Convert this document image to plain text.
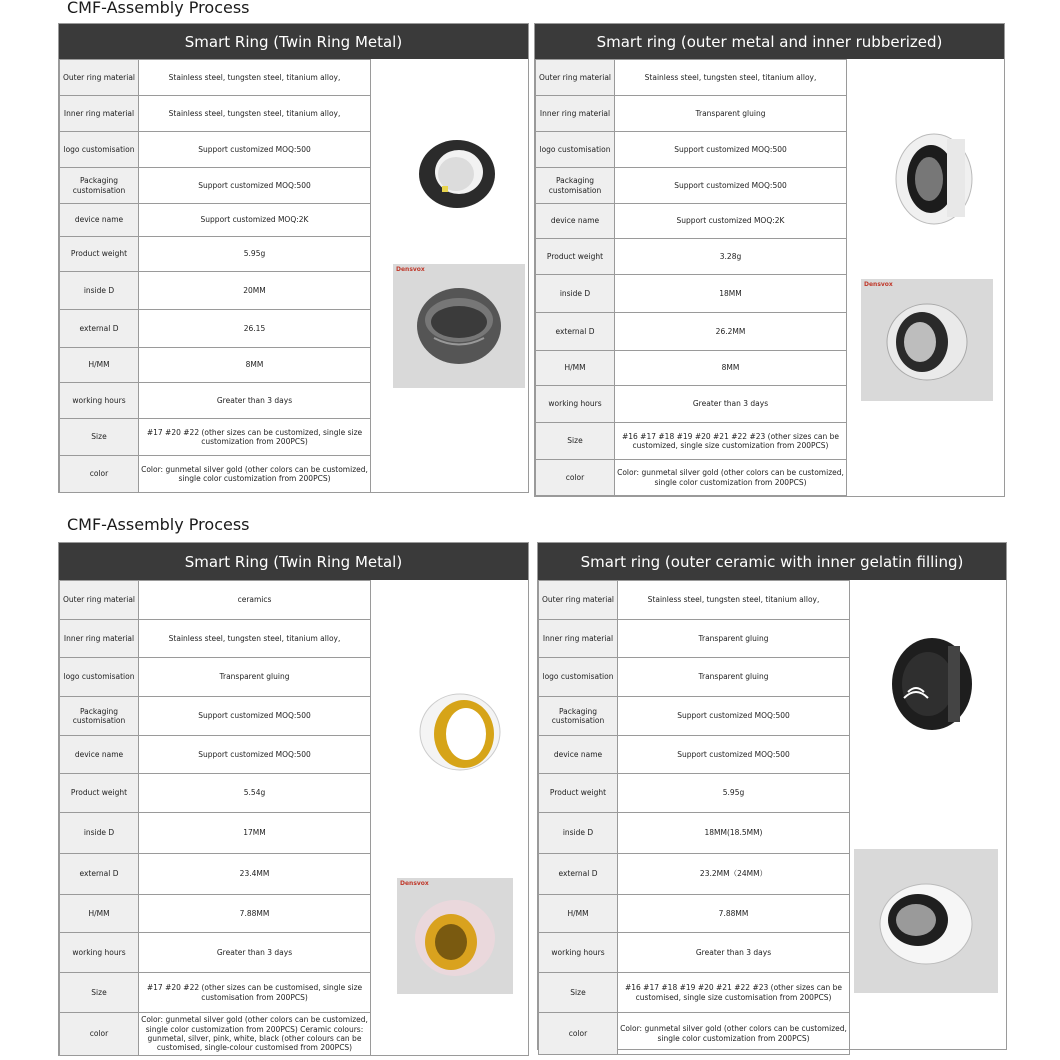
CMF-Assembly Process
CMF-Assembly Process
Smart Ring (Twin Ring Metal)
Outer ring material	Stainless steel, tungsten steel, titanium alloy,
Inner ring material	Stainless steel, tungsten steel, titanium alloy,
logo customisation	Support customized MOQ:500
Packaging customisation	Support customized MOQ:500
device name	Support customized MOQ:2K
Product weight	5.95g
inside D	20MM
external D	26.15
H/MM	8MM
working hours	Greater than 3 days
Size	#17 #20 #22 (other sizes can be customized, single size customization from 200PCS)
color	Color: gunmetal silver gold (other colors can be customized, single color customization from 200PCS)
Densvox
Smart ring (outer metal and inner rubberized)
Outer ring material	Stainless steel, tungsten steel, titanium alloy,
Inner ring material	Transparent gluing
logo customisation	Support customized MOQ:500
Packaging customisation	Support customized MOQ:500
device name	Support customized MOQ:2K
Product weight	3.28g
inside D	18MM
external D	26.2MM
H/MM	8MM
working hours	Greater than 3 days
Size	#16 #17 #18 #19 #20 #21 #22 #23 (other sizes can be customized, single size customization from 200PCS)
color	Color: gunmetal silver gold (other colors can be customized, single color customization from 200PCS)
Densvox
Smart Ring (Twin Ring Metal)
Outer ring material	ceramics
Inner ring material	Stainless steel, tungsten steel, titanium alloy,
logo customisation	Transparent gluing
Packaging customisation	Support customized MOQ:500
device name	Support customized MOQ:500
Product weight	5.54g
inside D	17MM
external D	23.4MM
H/MM	7.88MM
working hours	Greater than 3 days
Size	#17 #20 #22 (other sizes can be customised, single size customisation from 200PCS)
color	Color: gunmetal silver gold (other colors can be customized, single color customization from 200PCS) Ceramic colours: gunmetal, silver, pink, white, black (other colours can be customised, single-colour customised from 200PCS)
Densvox
Smart ring (outer ceramic with inner gelatin filling)
Outer ring material	Stainless steel, tungsten steel, titanium alloy,
Inner ring material	Transparent gluing
logo customisation	Transparent gluing
Packaging customisation	Support customized MOQ:500
device name	Support customized MOQ:500
Product weight	5.95g
inside D	18MM(18.5MM)
external D	23.2MM（24MM）
H/MM	7.88MM
working hours	Greater than 3 days
Size	#16 #17 #18 #19 #20 #21 #22 #23 (other sizes can be customised, single size customisation from 200PCS)
color	Color: gunmetal silver gold (other colors can be customized, single color customization from 200PCS)
